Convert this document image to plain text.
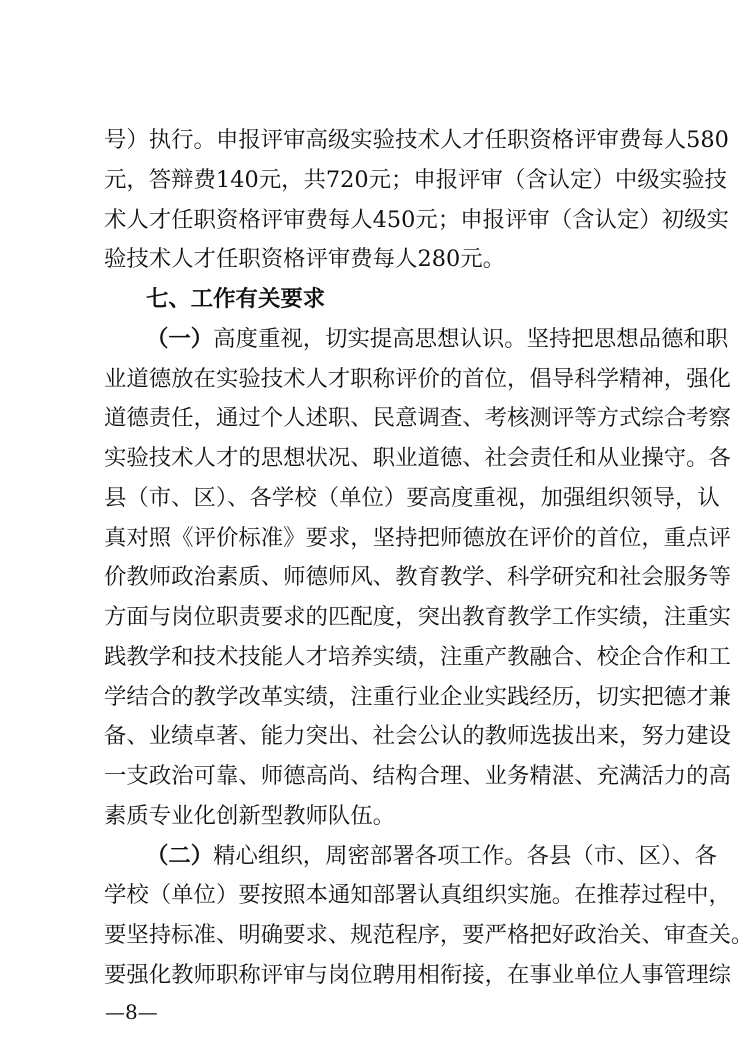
号）执行。申报评审高级实验技术人才任职资格评审费每人580
元，答辩费140元，共720元；申报评审（含认定）中级实验技
术人才任职资格评审费每人450元；申报评审（含认定）初级实
验技术人才任职资格评审费每人280元。
七、工作有关要求
（一）高度重视，切实提高思想认识。坚持把思想品德和职
业道德放在实验技术人才职称评价的首位，倡导科学精神，强化
道德责任，通过个人述职、民意调查、考核测评等方式综合考察
实验技术人才的思想状况、职业道德、社会责任和从业操守。各
县（市、区）、各学校（单位）要高度重视，加强组织领导，认
真对照《评价标准》要求，坚持把师德放在评价的首位，重点评
价教师政治素质、师德师风、教育教学、科学研究和社会服务等
方面与岗位职责要求的匹配度，突出教育教学工作实绩，注重实
践教学和技术技能人才培养实绩，注重产教融合、校企合作和工
学结合的教学改革实绩，注重行业企业实践经历，切实把德才兼
备、业绩卓著、能力突出、社会公认的教师选拔出来，努力建设
一支政治可靠、师德高尚、结构合理、业务精湛、充满活力的高
素质专业化创新型教师队伍。
（二）精心组织，周密部署各项工作。各县（市、区）、各
学校（单位）要按照本通知部署认真组织实施。在推荐过程中，
要坚持标准、明确要求、规范程序，要严格把好政治关、审查关。
要强化教师职称评审与岗位聘用相衔接，在事业单位人事管理综
—8—
